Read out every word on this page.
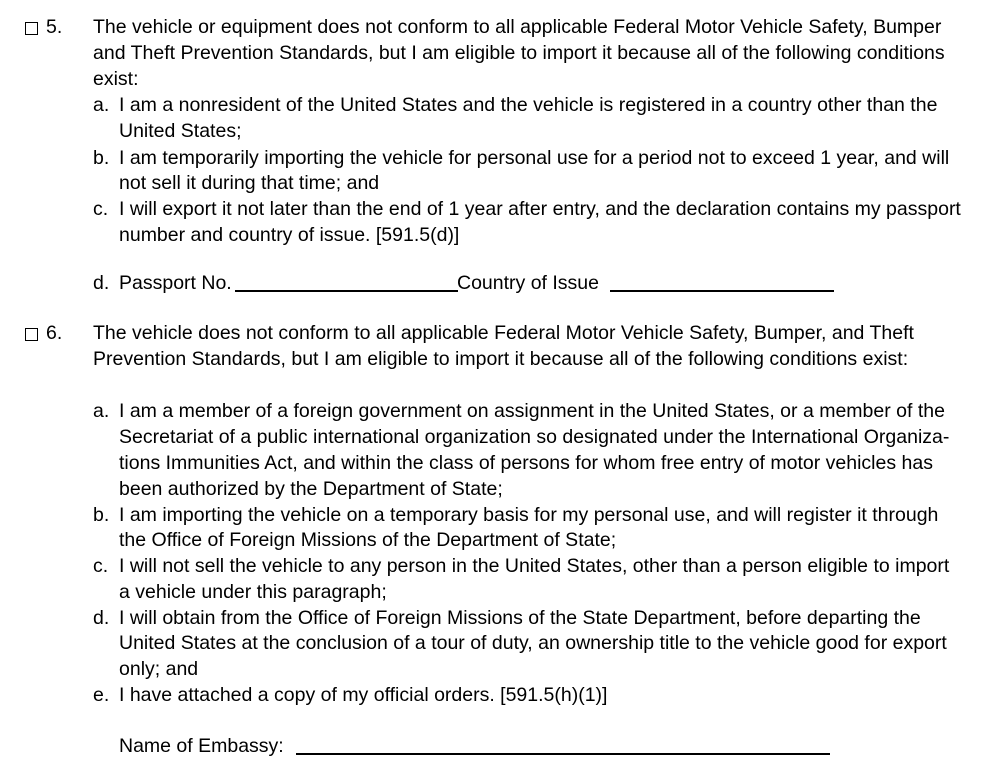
5. The vehicle or equipment does not conform to all applicable Federal Motor Vehicle Safety, Bumper
and Theft Prevention Standards, but I am eligible to import it because all of the following conditions
exist:
a. I am a nonresident of the United States and the vehicle is registered in a country other than the
United States;
b. I am temporarily importing the vehicle for personal use for a period not to exceed 1 year, and will
not sell it during that time; and
c. I will export it not later than the end of 1 year after entry, and the declaration contains my passport
number and country of issue. [591.5(d)]
d. Passport No.	Country of Issue
6. The vehicle does not conform to all applicable Federal Motor Vehicle Safety, Bumper, and Theft
Prevention Standards, but I am eligible to import it because all of the following conditions exist:
a. I am a member of a foreign government on assignment in the United States, or a member of the
Secretariat of a public international organization so designated under the International Organiza-
tions Immunities Act, and within the class of persons for whom free entry of motor vehicles has
been authorized by the Department of State;
b. I am importing the vehicle on a temporary basis for my personal use, and will register it through
the Office of Foreign Missions of the Department of State;
c. I will not sell the vehicle to any person in the United States, other than a person eligible to import
a vehicle under this paragraph;
d. I will obtain from the Office of Foreign Missions of the State Department, before departing the
United States at the conclusion of a tour of duty, an ownership title to the vehicle good for export
only; and
e. I have attached a copy of my official orders. [591.5(h)(1)]
Name of Embassy:
